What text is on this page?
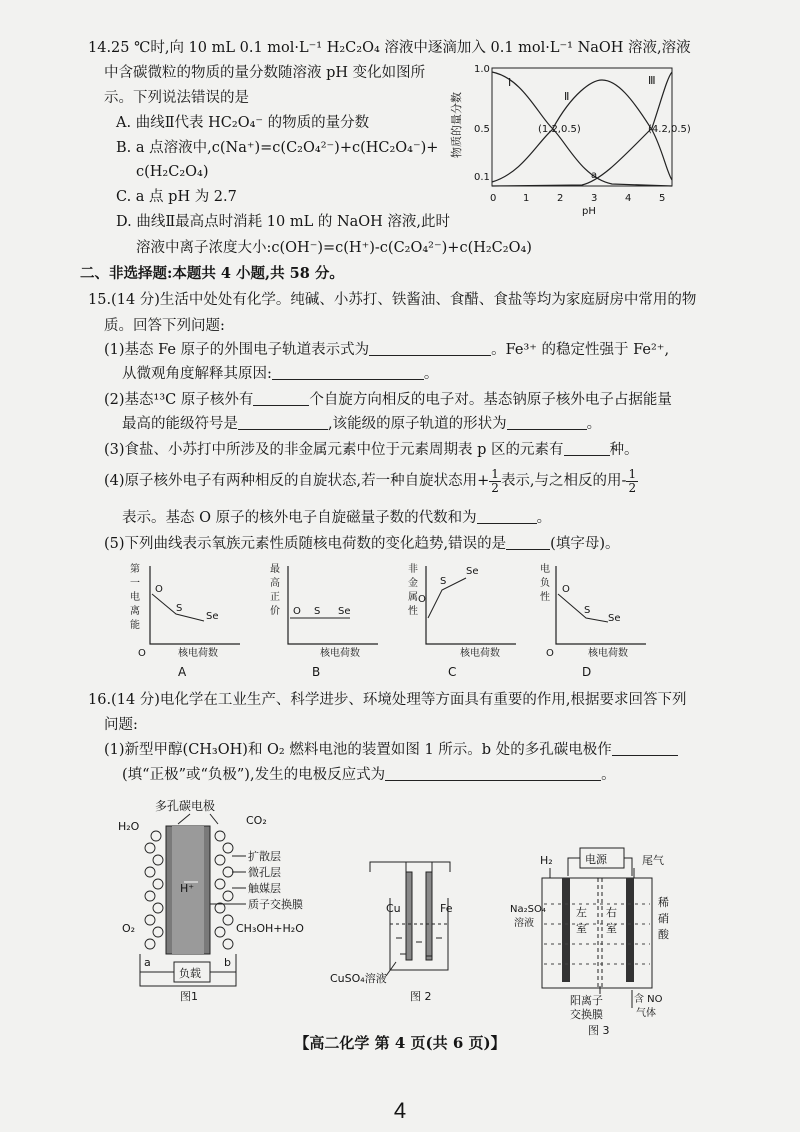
14.25 ℃时,向 10 mL 0.1 mol·L⁻¹ H₂C₂O₄ 溶液中逐滴加入 0.1 mol·L⁻¹ NaOH 溶液,溶液
中含碳微粒的物质的量分数随溶液 pH 变化如图所
示。下列说法错误的是
A. 曲线Ⅱ代表 HC₂O₄⁻ 的物质的量分数
B. a 点溶液中,c(Na⁺)=c(C₂O₄²⁻)+c(HC₂O₄⁻)+
c(H₂C₂O₄)
C. a 点 pH 为 2.7
D. 曲线Ⅱ最高点时消耗 10 mL 的 NaOH 溶液,此时
溶液中离子浓度大小:c(OH⁻)=c(H⁺)-c(C₂O₄²⁻)+c(H₂C₂O₄)
物质的量分数
1.0
0.5
0.1
0	1	2	3	4	5
pH
Ⅰ
Ⅱ
Ⅲ
(1.2,0.5)	(4.2,0.5)
a
二、非选择题:本题共 4 小题,共 58 分。
15.(14 分)生活中处处有化学。纯碱、小苏打、铁酱油、食醋、食盐等均为家庭厨房中常用的物
质。回答下列问题:
(1)基态 Fe 原子的外围电子轨道表示式为	。Fe³⁺ 的稳定性强于 Fe²⁺,
从微观角度解释其原因:	。
(2)基态¹³C 原子核外有	个自旋方向相反的电子对。基态钠原子核外电子占据能量
最高的能级符号是	,该能级的原子轨道的形状为	。
(3)食盐、小苏打中所涉及的非金属元素中位于元素周期表 p 区的元素有	种。
(4)原子核外电子有两种相反的自旋状态,若一种自旋状态用+ $\frac{1}{2}$ 表示,与之相反的用- $\frac{1}{2}$
表示。基态 O 原子的核外电子自旋磁量子数的代数和为	。
(5)下列曲线表示氧族元素性质随核电荷数的变化趋势,错误的是	(填字母)。
第
一
电
离
能
O
S
Se
O	核电荷数
A
最
高
正
价 O S Se
核电荷数
B
非
金
属
性
O
S
Se
核电荷数
C
电
负
性
O
S
Se
O	核电荷数
D
16.(14 分)电化学在工业生产、科学进步、环境处理等方面具有重要的作用,根据要求回答下列
问题:
(1)新型甲醇(CH₃OH)和 O₂ 燃料电池的装置如图 1 所示。b 处的多孔碳电极作
(填“正极”或“负极”),发生的电极反应式为	。
多孔碳电极
H₂O	CO₂
H⁺
扩散层
微孔层
触媒层
质子交换膜
O₂	CH₃OH+H₂O
负载
a	b
图1
Cu	Fe
CuSO₄溶液
图 2
H₂	电源	尾气
Na₂SO₄
溶液
左
室
右
室
稀
硝
酸
阳离子
交换膜
含 NO
气体
图 3
【高二化学 第 4 页(共 6 页)】
4
